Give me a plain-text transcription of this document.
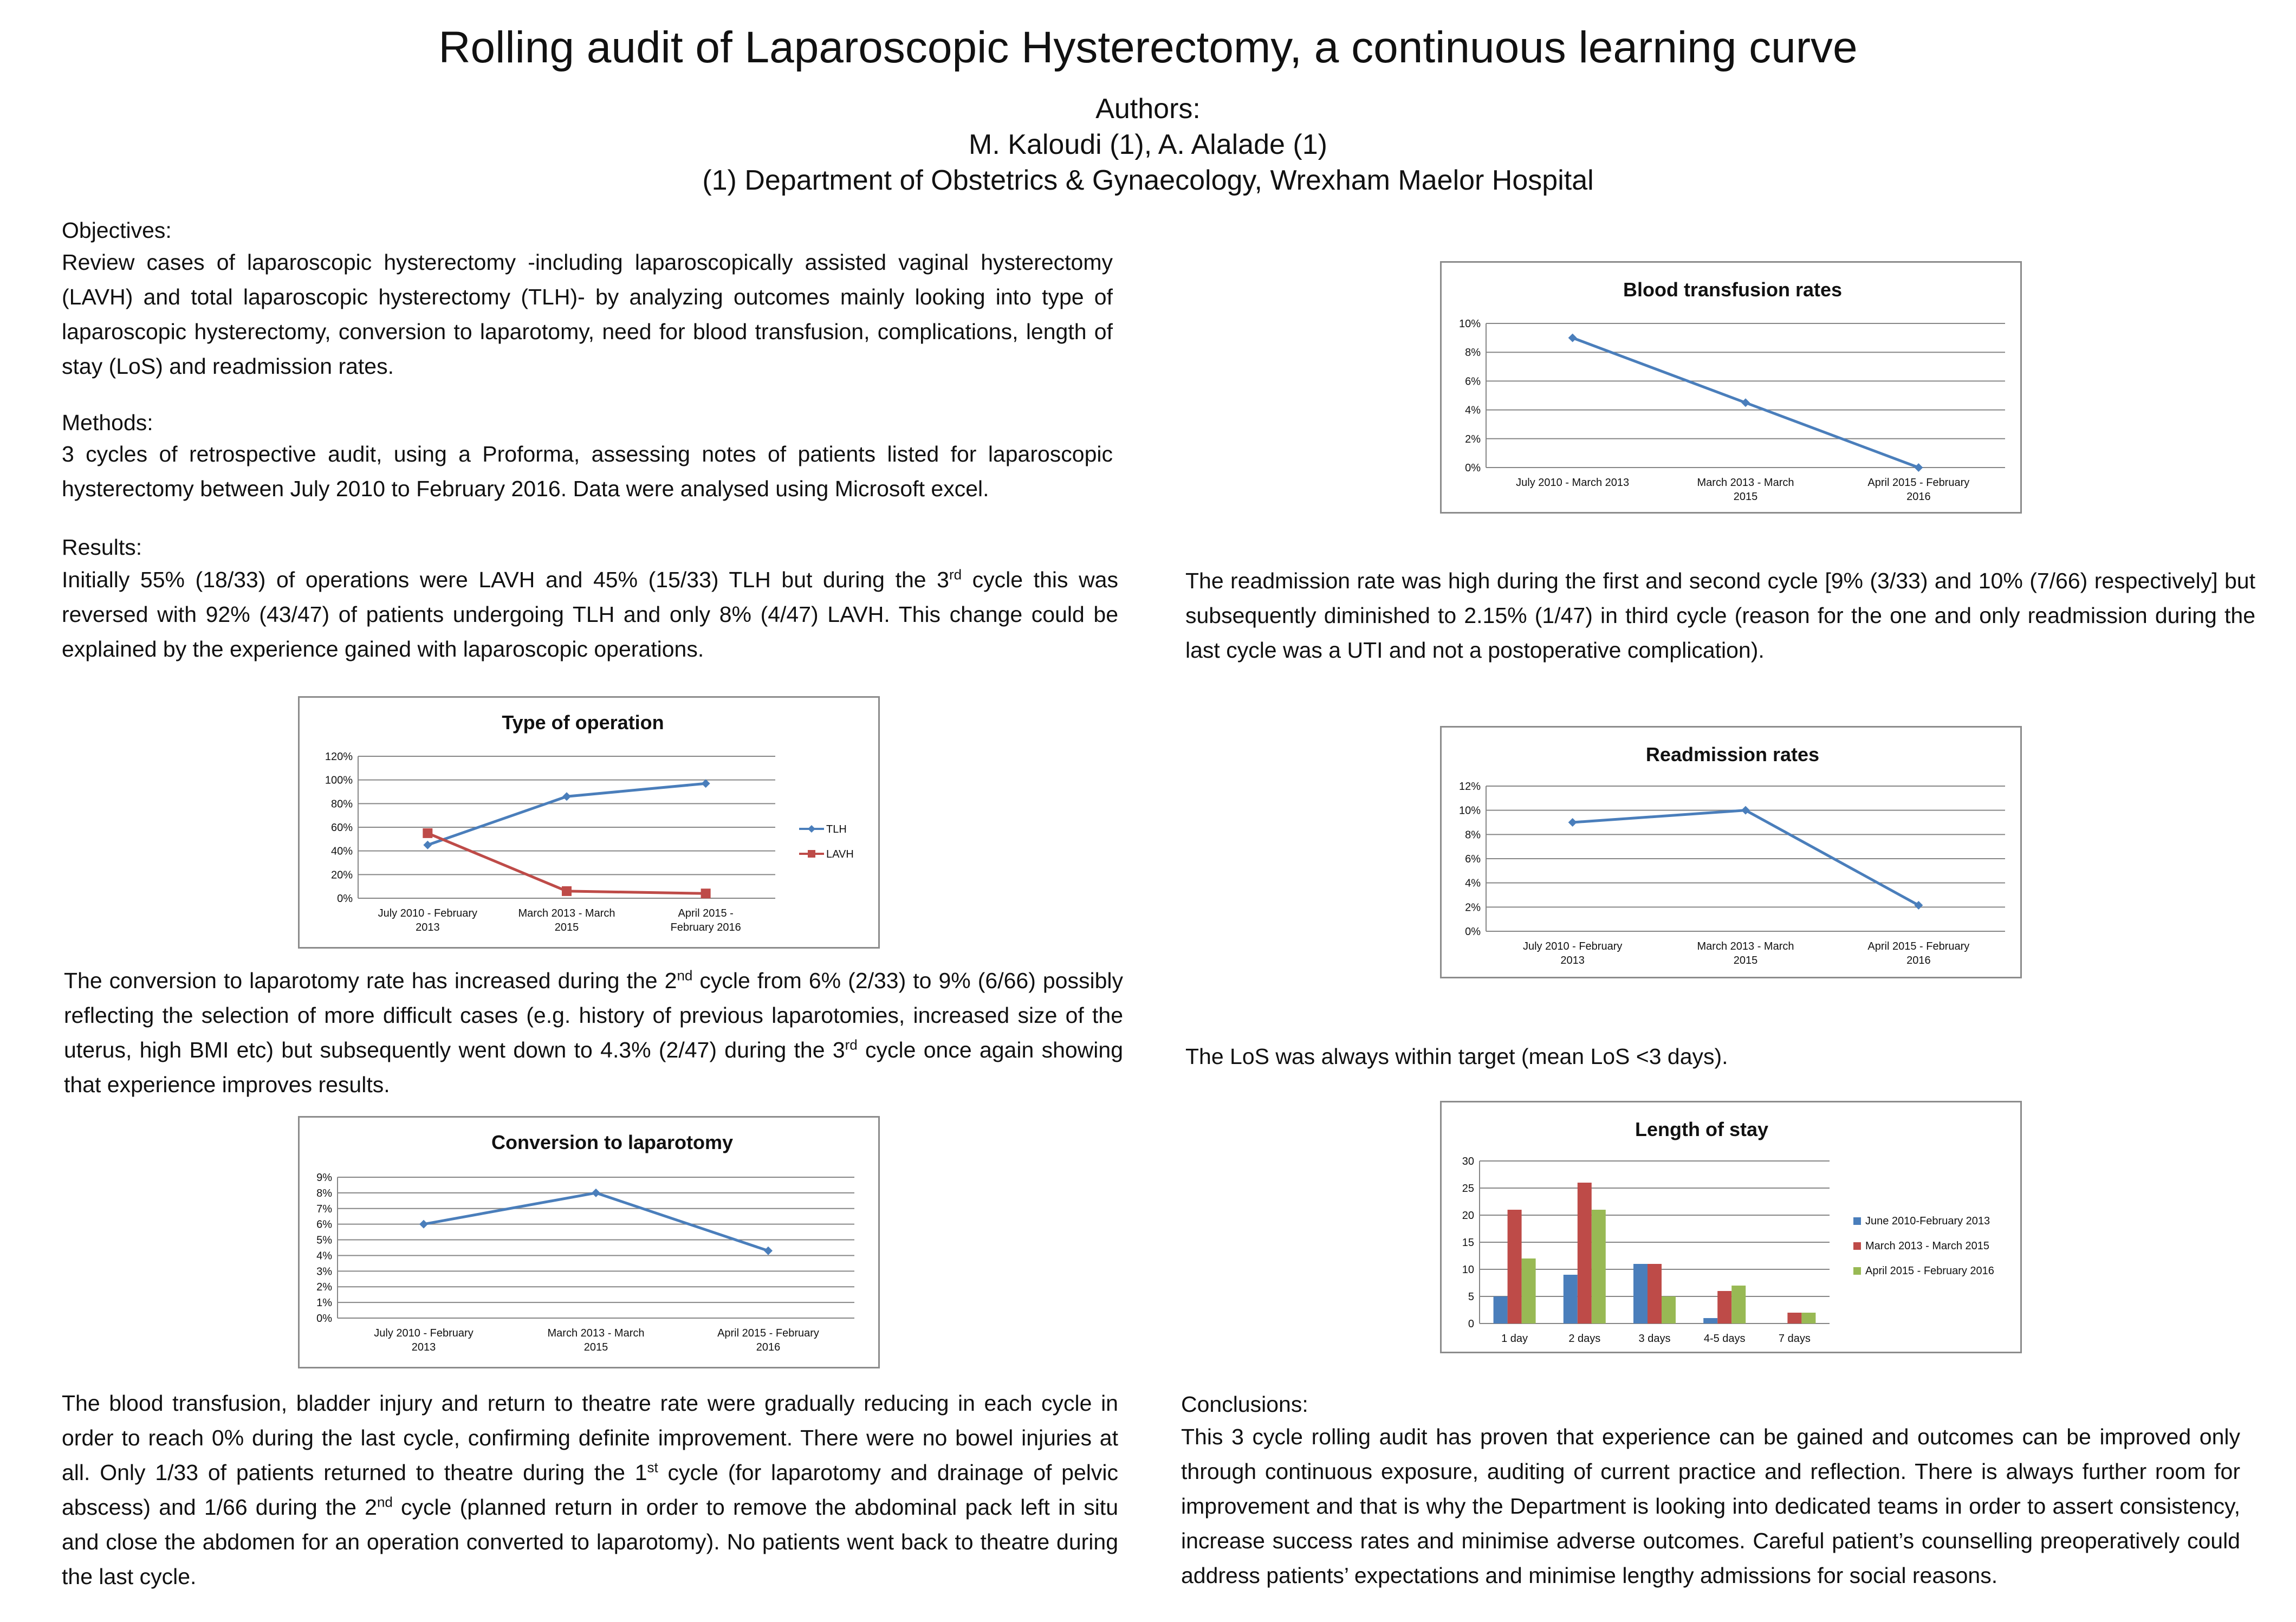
Rolling audit of Laparoscopic Hysterectomy, a continuous learning curve
Authors:
M. Kaloudi (1), A. Alalade (1)
(1) Department of Obstetrics & Gynaecology, Wrexham Maelor Hospital
Objectives:
Review cases of laparoscopic hysterectomy -including laparoscopically assisted vaginal hysterectomy (LAVH) and total laparoscopic hysterectomy (TLH)- by analyzing outcomes mainly looking into type of laparoscopic hysterectomy, conversion to laparotomy, need for blood transfusion, complications, length of stay (LoS) and readmission rates.
Methods:
3 cycles of retrospective audit, using a Proforma, assessing notes of patients listed for laparoscopic hysterectomy between July 2010 to February 2016. Data were analysed using Microsoft excel.
Results:
Initially 55% (18/33) of operations were LAVH and 45% (15/33) TLH but during the 3rd cycle this was reversed with 92% (43/47) of patients undergoing TLH and only 8% (4/47) LAVH. This change could be explained by the experience gained with laparoscopic operations.
Type of operation
0%
20%
40%
60%
80%
100%
120%
July 2010 - February
2013
March 2013 - March
2015
April 2015 -
February 2016
TLH
LAVH
The conversion to laparotomy rate has increased during the 2nd cycle from 6% (2/33) to 9% (6/66) possibly reflecting the selection of more difficult cases (e.g. history of previous laparotomies, increased size of the uterus, high BMI etc) but subsequently went down to 4.3% (2/47) during the 3rd cycle once again showing that experience improves results.
Conversion to laparotomy
0%
1%
2%
3%
4%
5%
6%
7%
8%
9%
July 2010 - February
2013
March 2013 - March
2015
April 2015 - February
2016
The blood transfusion, bladder injury and return to theatre rate were gradually reducing in each cycle in order to reach 0% during the last cycle, confirming definite improvement. There were no bowel injuries at all. Only 1/33 of patients returned to theatre during the 1st cycle (for laparotomy and drainage of pelvic abscess) and 1/66 during the 2nd cycle (planned return in order to remove the abdominal pack left in situ and close the abdomen for an operation converted to laparotomy). No patients went back to theatre during the last cycle.
Blood transfusion rates
0%
2%
4%
6%
8%
10%
July 2010 - March 2013	March 2013 - March
2015
April 2015 - February
2016
The readmission rate was high during the first and second cycle [9% (3/33) and 10% (7/66) respectively] but subsequently diminished to 2.15% (1/47) in third cycle (reason for the one and only readmission during the last cycle was a UTI and not a postoperative complication).
Readmission rates
0%
2%
4%
6%
8%
10%
12%
July 2010 - February
2013
March 2013 - March
2015
April 2015 - February
2016
The LoS was always within target (mean LoS <3 days).
Length of stay
0
5
10
15
20
25
30
1 day	2 days	3 days	4-5 days	7 days
June 2010-February 2013
March 2013 - March 2015
April 2015 - February 2016
Conclusions:
This 3 cycle rolling audit has proven that experience can be gained and outcomes can be improved only through continuous exposure, auditing of current practice and reflection. There is always further room for improvement and that is why the Department is looking into dedicated teams in order to assert consistency, increase success rates and minimise adverse outcomes. Careful patient’s counselling preoperatively could address patients’ expectations and minimise lengthy admissions for social reasons.
